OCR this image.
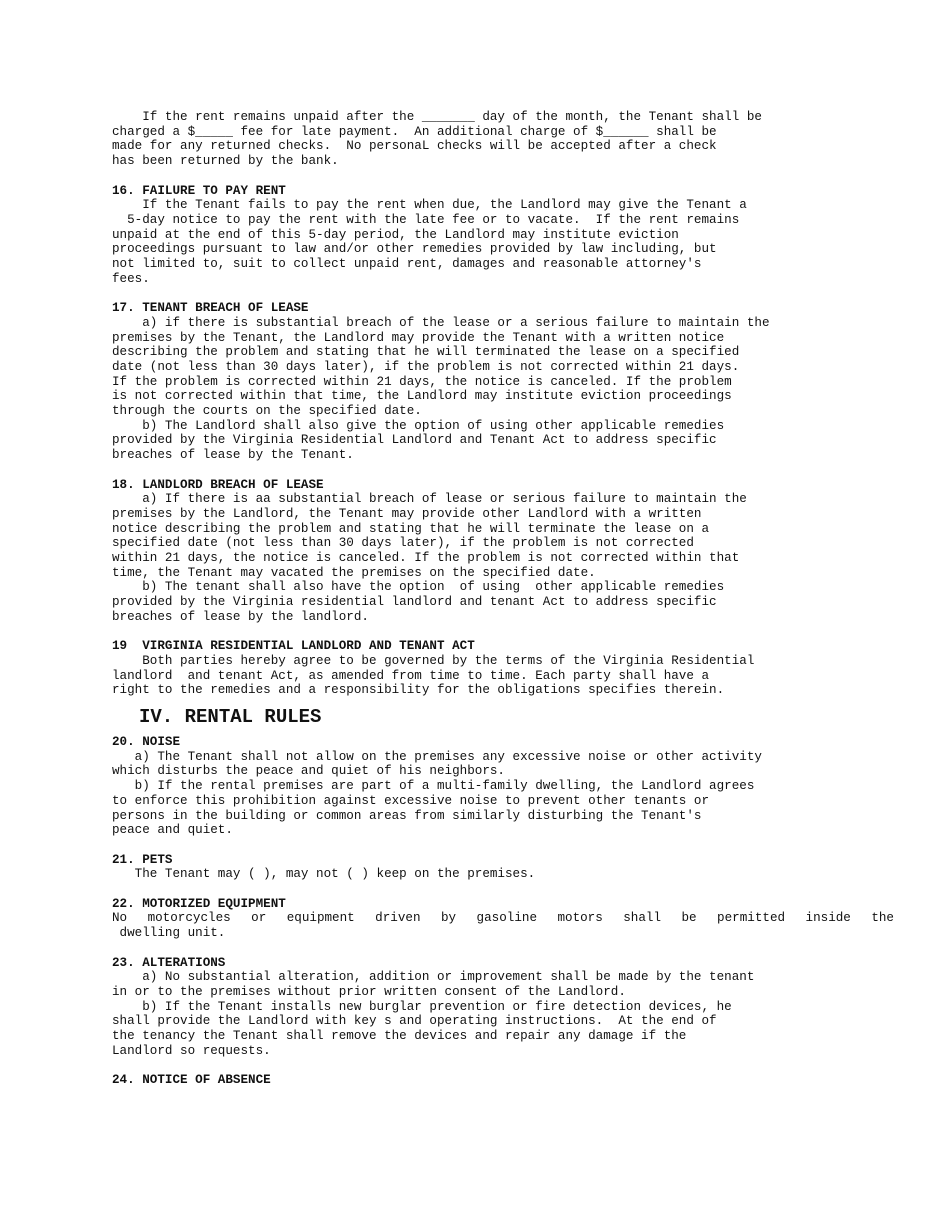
If the rent remains unpaid after the _______ day of the month, the Tenant shall be
charged a $_____ fee for late payment.  An additional charge of $______ shall be
made for any returned checks.  No personaL checks will be accepted after a check
has been returned by the bank.
16. FAILURE TO PAY RENT
If the Tenant fails to pay the rent when due, the Landlord may give the Tenant a
5-day notice to pay the rent with the late fee or to vacate.  If the rent remains
unpaid at the end of this 5-day period, the Landlord may institute eviction
proceedings pursuant to law and/or other remedies provided by law including, but
not limited to, suit to collect unpaid rent, damages and reasonable attorney's
fees.
17. TENANT BREACH OF LEASE
a) if there is substantial breach of the lease or a serious failure to maintain the
premises by the Tenant, the Landlord may provide the Tenant with a written notice
describing the problem and stating that he will terminated the lease on a specified
date (not less than 30 days later), if the problem is not corrected within 21 days.
If the problem is corrected within 21 days, the notice is canceled. If the problem
is not corrected within that time, the Landlord may institute eviction proceedings
through the courts on the specified date.
b) The Landlord shall also give the option of using other applicable remedies
provided by the Virginia Residential Landlord and Tenant Act to address specific
breaches of lease by the Tenant.
18. LANDLORD BREACH OF LEASE
a) If there is aa substantial breach of lease or serious failure to maintain the
premises by the Landlord, the Tenant may provide other Landlord with a written
notice describing the problem and stating that he will terminate the lease on a
specified date (not less than 30 days later), if the problem is not corrected
within 21 days, the notice is canceled. If the problem is not corrected within that
time, the Tenant may vacated the premises on the specified date.
b) The tenant shall also have the option  of using  other applicable remedies
provided by the Virginia residential landlord and tenant Act to address specific
breaches of lease by the landlord.
19  VIRGINIA RESIDENTIAL LANDLORD AND TENANT ACT
Both parties hereby agree to be governed by the terms of the Virginia Residential
landlord  and tenant Act, as amended from time to time. Each party shall have a
right to the remedies and a responsibility for the obligations specifies therein.
IV. RENTAL RULES
20. NOISE
a) The Tenant shall not allow on the premises any excessive noise or other activity
which disturbs the peace and quiet of his neighbors.
b) If the rental premises are part of a multi-family dwelling, the Landlord agrees
to enforce this prohibition against excessive noise to prevent other tenants or
persons in the building or common areas from similarly disturbing the Tenant's
peace and quiet.
21. PETS
The Tenant may ( ), may not ( ) keep on the premises.
22. MOTORIZED EQUIPMENT
No motorcycles or equipment driven by gasoline motors shall be permitted inside the
dwelling unit.
23. ALTERATIONS
a) No substantial alteration, addition or improvement shall be made by the tenant
in or to the premises without prior written consent of the Landlord.
b) If the Tenant installs new burglar prevention or fire detection devices, he
shall provide the Landlord with key s and operating instructions.  At the end of
the tenancy the Tenant shall remove the devices and repair any damage if the
Landlord so requests.
24. NOTICE OF ABSENCE
